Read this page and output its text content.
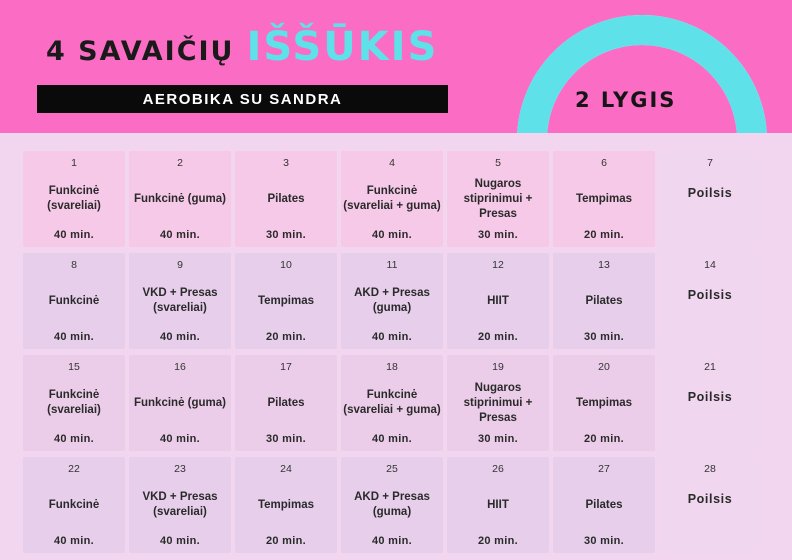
4 SAVAIČIŲ IŠŠŪKIS
AEROBIKA SU SANDRA	2 LYGIS
1
Funkcinė (svareliai)
40 min.
2
Funkcinė (guma)
40 min.
3
Pilates
30 min.
4
Funkcinė (svareliai + guma)
40 min.
5
Nugaros stiprinimui + Presas
30 min.
6
Tempimas
20 min.
7
Poilsis
8
Funkcinė
40 min.
9
VKD + Presas (svareliai)
40 min.
10
Tempimas
20 min.
11
AKD + Presas (guma)
40 min.
12
HIIT
20 min.
13
Pilates
30 min.
14
Poilsis
15
Funkcinė (svareliai)
40 min.
16
Funkcinė (guma)
40 min.
17
Pilates
30 min.
18
Funkcinė (svareliai + guma)
40 min.
19
Nugaros stiprinimui + Presas
30 min.
20
Tempimas
20 min.
21
Poilsis
22
Funkcinė
40 min.
23
VKD + Presas (svareliai)
40 min.
24
Tempimas
20 min.
25
AKD + Presas (guma)
40 min.
26
HIIT
20 min.
27
Pilates
30 min.
28
Poilsis
